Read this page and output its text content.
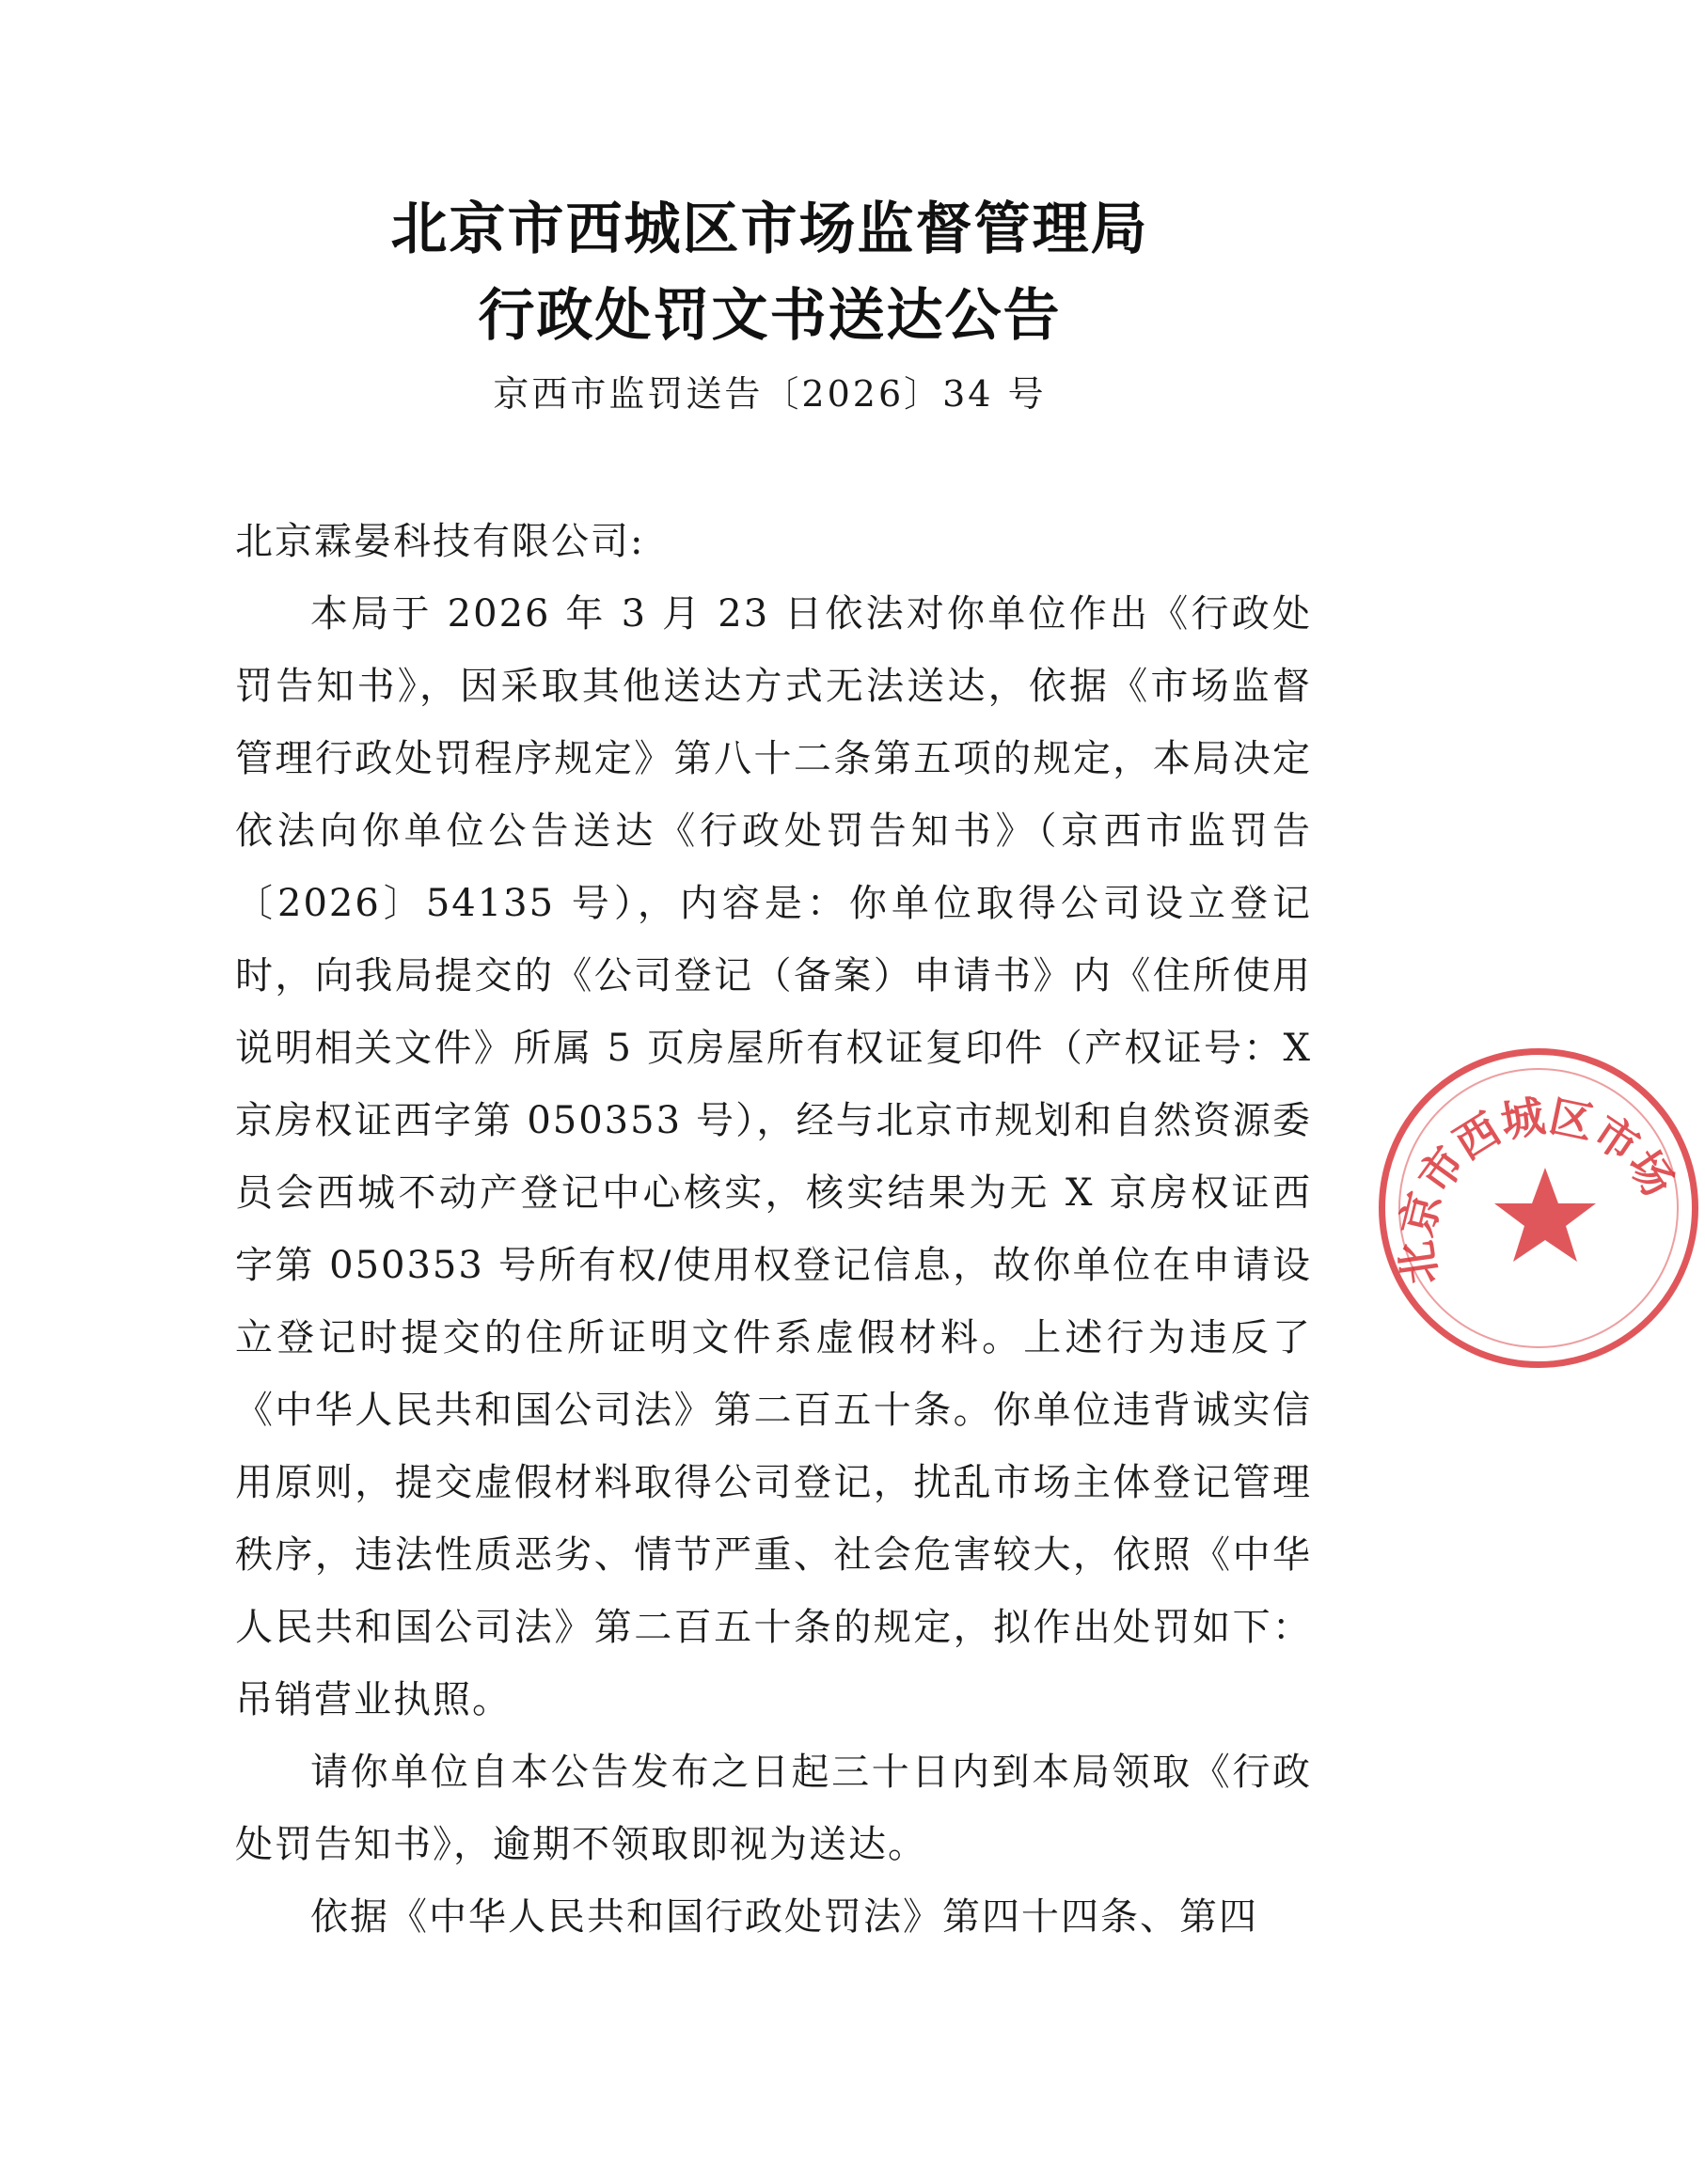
北京市西城区市场监督管理局
行政处罚文书送达公告
京西市监罚送告〔2026〕34 号

北京霖晏科技有限公司:

本局于 2026 年 3 月 23 日依法对你单位作出《行政处罚告知书》，因采取其他送达方式无法送达，依据《市场监督管理行政处罚程序规定》第八十二条第五项的规定，本局决定依法向你单位公告送达《行政处罚告知书》（京西市监罚告〔2026〕54135 号），内容是：你单位取得公司设立登记时，向我局提交的《公司登记（备案）申请书》内《住所使用说明相关文件》所属 5 页房屋所有权证复印件（产权证号：X 京房权证西字第 050353 号），经与北京市规划和自然资源委员会西城不动产登记中心核实，核实结果为无 X 京房权证西字第 050353 号所有权/使用权登记信息，故你单位在申请设立登记时提交的住所证明文件系虚假材料。上述行为违反了《中华人民共和国公司法》第二百五十条。你单位违背诚实信用原则，提交虚假材料取得公司登记，扰乱市场主体登记管理秩序，违法性质恶劣、情节严重、社会危害较大，依照《中华人民共和国公司法》第二百五十条的规定，拟作出处罚如下：吊销营业执照。

请你单位自本公告发布之日起三十日内到本局领取《行政处罚告知书》，逾期不领取即视为送达。

依据《中华人民共和国行政处罚法》第四十四条、第四

北京市西城区市场
